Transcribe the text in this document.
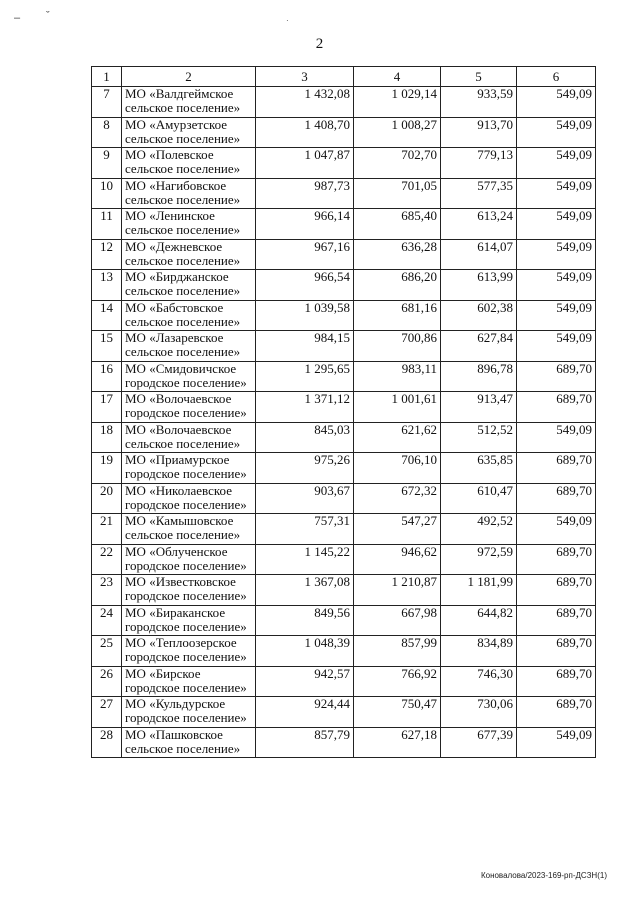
– ˇ	·
2
1	2	3	4	5	6
7	МО «Валдгеймское
сельское поселение»	1 432,08	1 029,14	933,59	549,09
8	МО «Амурзетское
сельское поселение»	1 408,70	1 008,27	913,70	549,09
9	МО «Полевское
сельское поселение»	1 047,87	702,70	779,13	549,09
10	МО «Нагибовское
сельское поселение»	987,73	701,05	577,35	549,09
11	МО «Ленинское
сельское поселение»	966,14	685,40	613,24	549,09
12	МО «Дежневское
сельское поселение»	967,16	636,28	614,07	549,09
13	МО «Бирджанское
сельское поселение»	966,54	686,20	613,99	549,09
14	МО «Бабстовское
сельское поселение»	1 039,58	681,16	602,38	549,09
15	МО «Лазаревское
сельское поселение»	984,15	700,86	627,84	549,09
16	МО «Смидовичское
городское поселение»	1 295,65	983,11	896,78	689,70
17	МО «Волочаевское
городское поселение»	1 371,12	1 001,61	913,47	689,70
18	МО «Волочаевское
сельское поселение»	845,03	621,62	512,52	549,09
19	МО «Приамурское
городское поселение»	975,26	706,10	635,85	689,70
20	МО «Николаевское
городское поселение»	903,67	672,32	610,47	689,70
21	МО «Камышовское
сельское поселение»	757,31	547,27	492,52	549,09
22	МО «Облученское
городское поселение»	1 145,22	946,62	972,59	689,70
23	МО «Известковское
городское поселение»	1 367,08	1 210,87	1 181,99	689,70
24	МО «Бираканское
городское поселение»	849,56	667,98	644,82	689,70
25	МО «Теплоозерское
городское поселение»	1 048,39	857,99	834,89	689,70
26	МО «Бирское
городское поселение»	942,57	766,92	746,30	689,70
27	МО «Кульдурское
городское поселение»	924,44	750,47	730,06	689,70
28	МО «Пашковское
сельское поселение»	857,79	627,18	677,39	549,09
Коновалова/2023-169-рп-ДСЗН(1)
